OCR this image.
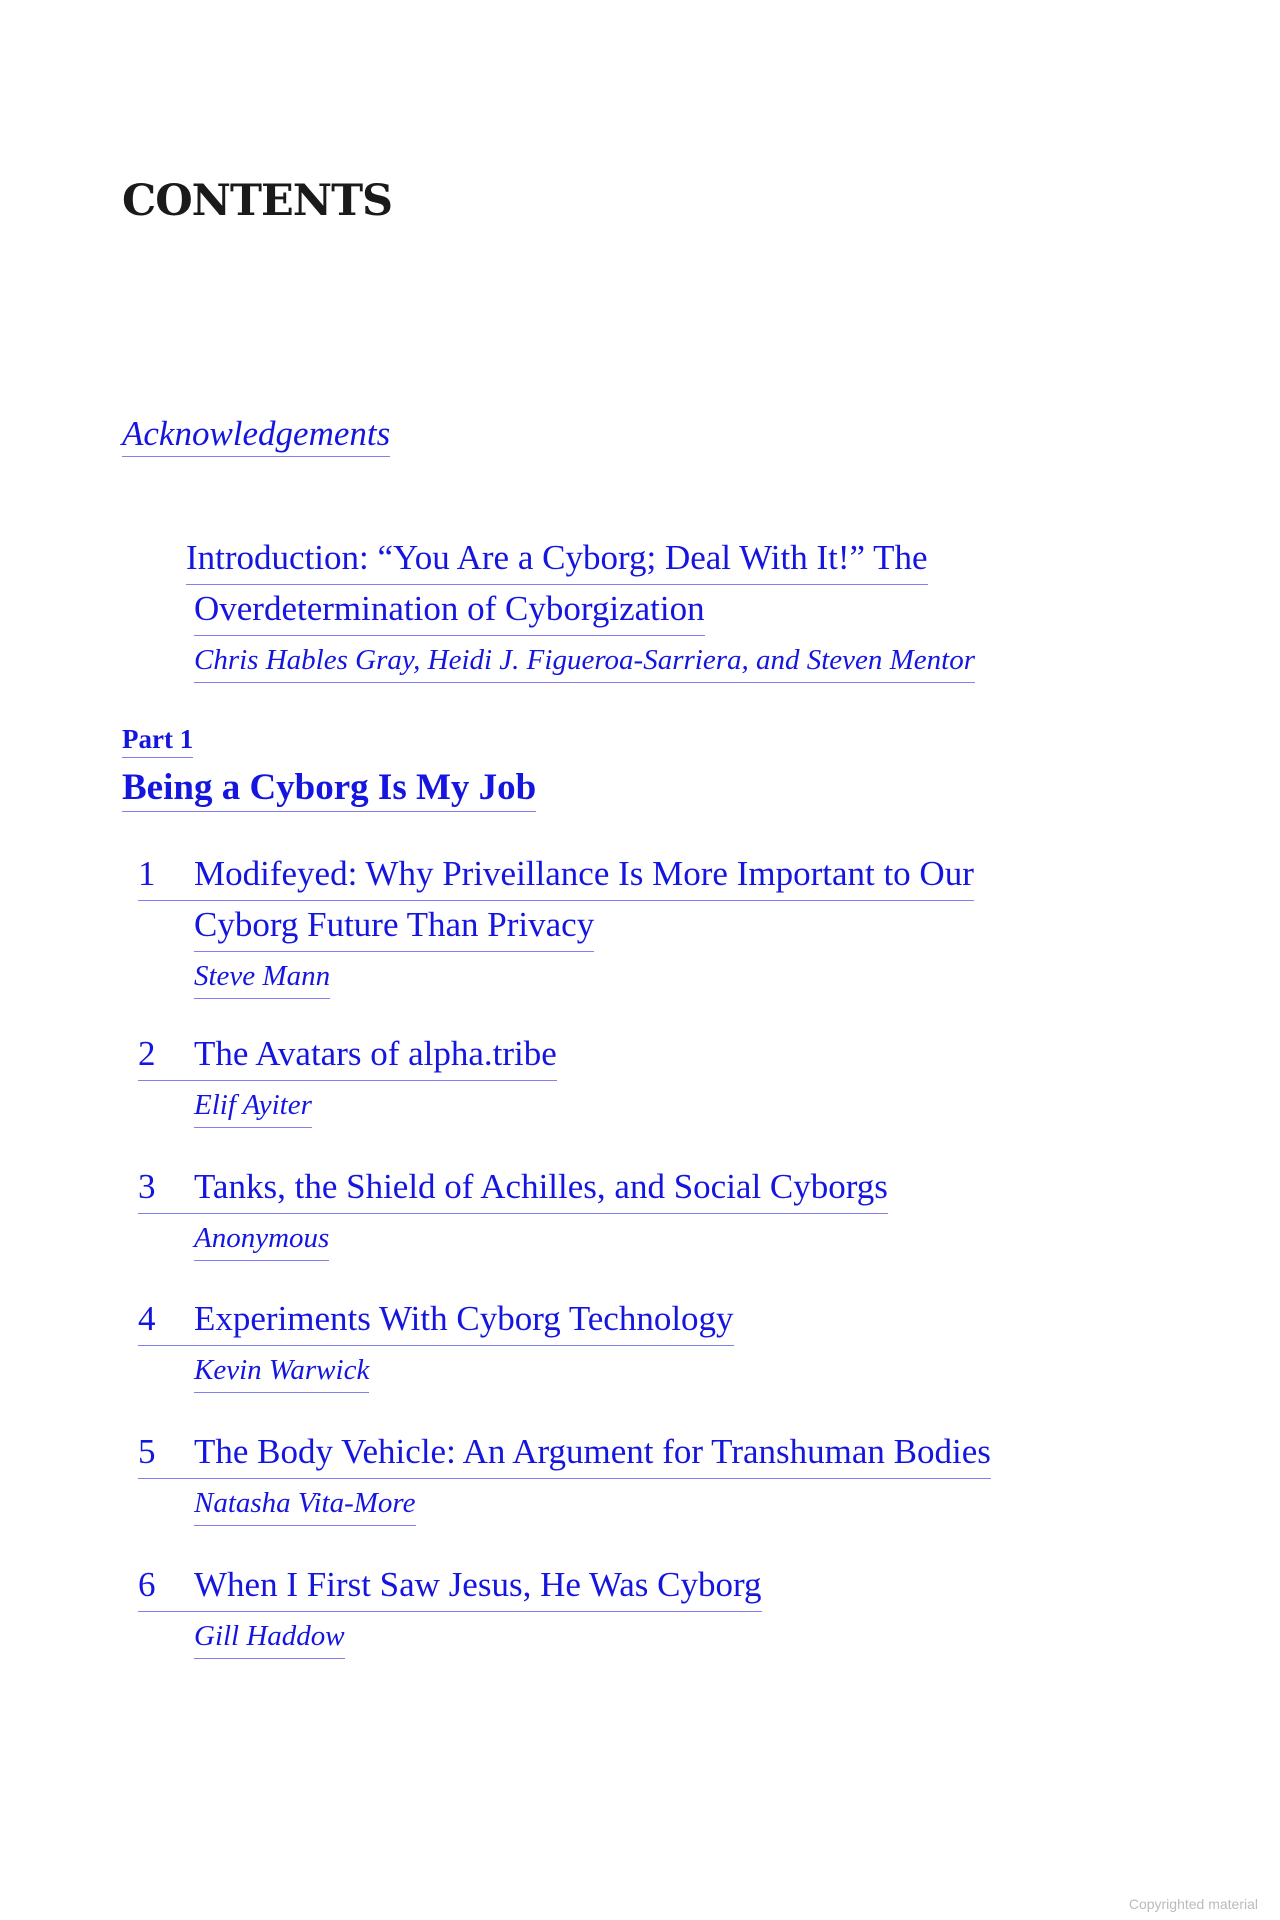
CONTENTS
Acknowledgements
Introduction: “You Are a Cyborg; Deal With It!” The
Overdetermination of Cyborgization
Chris Hables Gray, Heidi J. Figueroa-Sarriera, and Steven Mentor
Part 1
Being a Cyborg Is My Job
1 Modifeyed: Why Priveillance Is More Important to Our
Cyborg Future Than Privacy
Steve Mann
2 The Avatars of alpha.tribe
Elif Ayiter
3 Tanks, the Shield of Achilles, and Social Cyborgs
Anonymous
4 Experiments With Cyborg Technology
Kevin Warwick
5 The Body Vehicle: An Argument for Transhuman Bodies
Natasha Vita-More
6 When I First Saw Jesus, He Was Cyborg
Gill Haddow
Copyrighted material
